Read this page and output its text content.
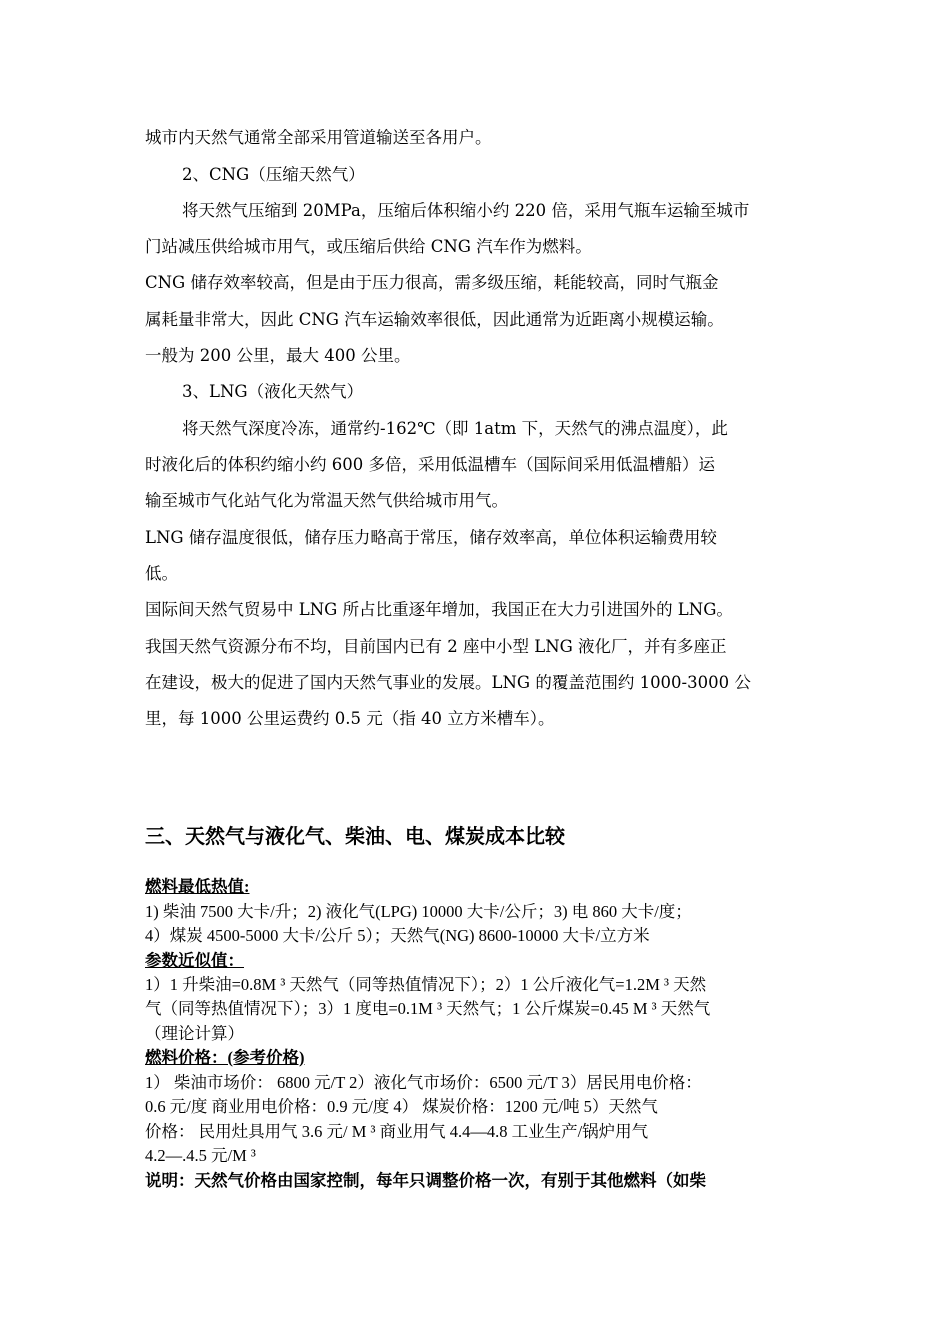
城市内天然气通常全部采用管道输送至各用户。
2、CNG（压缩天然气）
将天然气压缩到 20MPa，压缩后体积缩小约 220 倍，采用气瓶车运输至城市
门站减压供给城市用气，或压缩后供给 CNG 汽车作为燃料。
CNG 储存效率较高，但是由于压力很高，需多级压缩，耗能较高，同时气瓶金
属耗量非常大，因此 CNG 汽车运输效率很低，因此通常为近距离小规模运输。
一般为 200 公里，最大 400 公里。
3、LNG（液化天然气）
将天然气深度冷冻，通常约-162℃（即 1atm 下，天然气的沸点温度），此
时液化后的体积约缩小约 600 多倍，采用低温槽车（国际间采用低温槽船）运
输至城市气化站气化为常温天然气供给城市用气。
LNG 储存温度很低，储存压力略高于常压，储存效率高，单位体积运输费用较
低。
国际间天然气贸易中 LNG 所占比重逐年增加，我国正在大力引进国外的 LNG。
我国天然气资源分布不均，目前国内已有 2 座中小型 LNG 液化厂，并有多座正
在建设，极大的促进了国内天然气事业的发展。LNG 的覆盖范围约 1000-3000 公
里，每 1000 公里运费约 0.5 元（指 40 立方米槽车）。
三、天然气与液化气、柴油、电、煤炭成本比较
燃料最低热值:
1) 柴油 7500 大卡/升；2) 液化气(LPG) 10000 大卡/公斤；3) 电 860 大卡/度；
4）煤炭 4500-5000 大卡/公斤 5）；天然气(NG) 8600-10000 大卡/立方米
参数近似值：
1）1 升柴油=0.8M ³ 天然气（同等热值情况下）；2）1 公斤液化气=1.2M ³ 天然
气（同等热值情况下）；3）1 度电=0.1M ³ 天然气；1 公斤煤炭=0.45 M ³ 天然气
（理论计算）
燃料价格：(参考价格)
1） 柴油市场价： 6800 元/T 2）液化气市场价：6500 元/T 3）居民用电价格：
0.6 元/度 商业用电价格：0.9 元/度 4） 煤炭价格：1200 元/吨 5）天然气
价格： 民用灶具用气 3.6 元/ M ³ 商业用气 4.4—4.8 工业生产/锅炉用气
4.2—.4.5 元/M ³
说明：天然气价格由国家控制，每年只调整价格一次，有别于其他燃料（如柴
